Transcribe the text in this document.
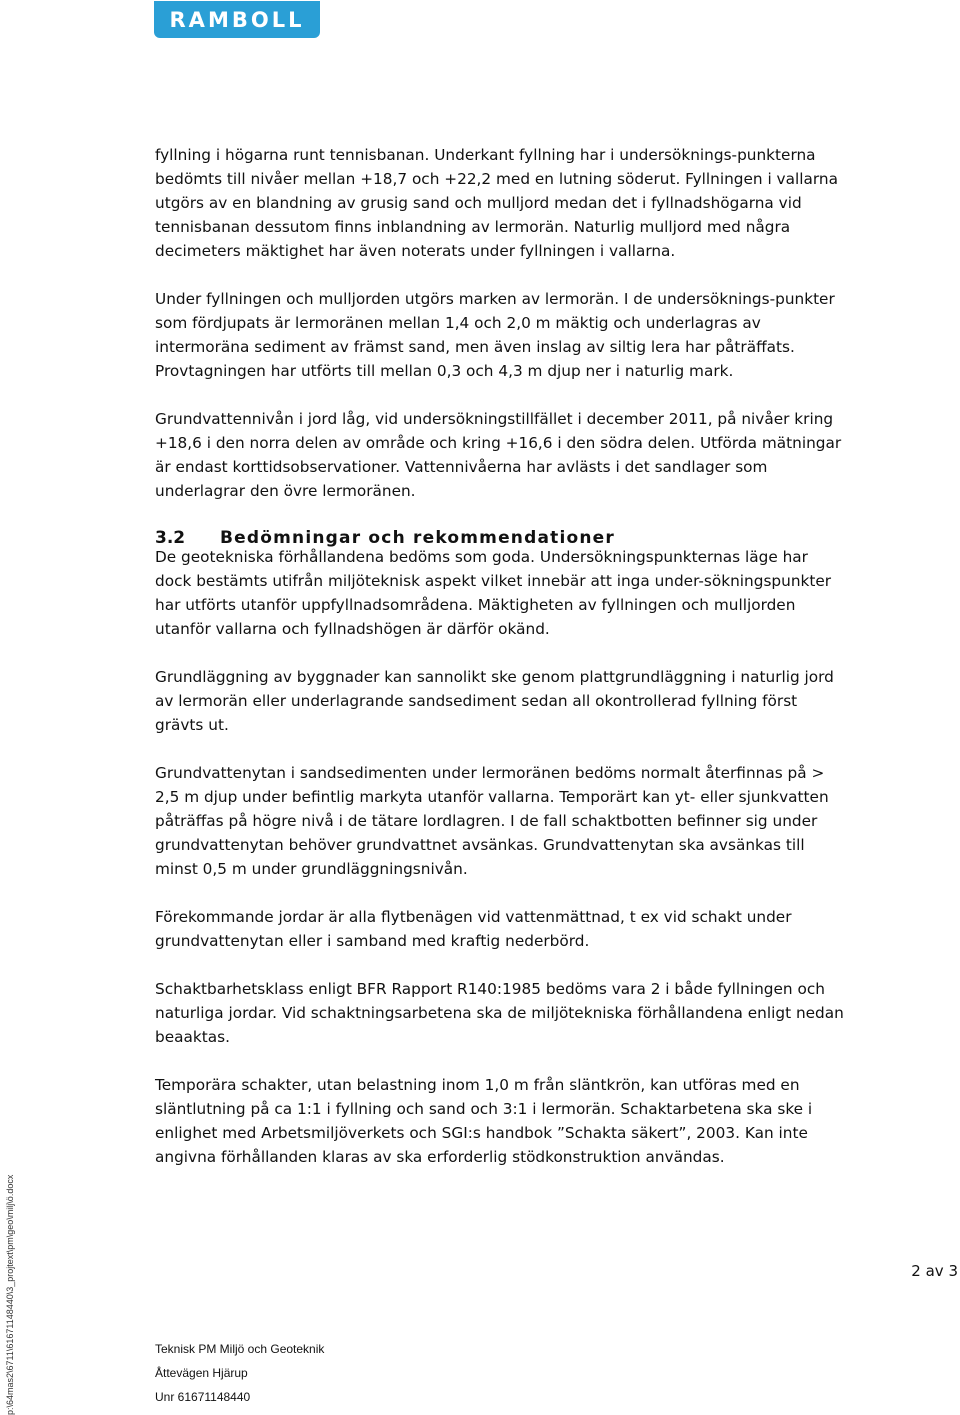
RAMBOLL

fyllning i högarna runt tennisbanan. Underkant fyllning har i undersöknings-punkterna bedömts till nivåer mellan +18,7 och +22,2 med en lutning söderut. Fyllningen i vallarna utgörs av en blandning av grusig sand och mulljord medan det i fyllnadshögarna vid tennisbanan dessutom finns inblandning av lermorän. Naturlig mulljord med några decimeters mäktighet har även noterats under fyllningen i vallarna.

Under fyllningen och mulljorden utgörs marken av lermorän. I de undersöknings-punkter som fördjupats är lermoränen mellan 1,4 och 2,0 m mäktig och underlagras av intermoräna sediment av främst sand, men även inslag av siltig lera har påträffats. Provtagningen har utförts till mellan 0,3 och 4,3 m djup ner i naturlig mark.

Grundvattennivån i jord låg, vid undersökningstillfället i december 2011, på nivåer kring +18,6 i den norra delen av område och kring +16,6 i den södra delen. Utförda mätningar är endast korttidsobservationer. Vattennivåerna har avlästs i det sandlager som underlagrar den övre lermoränen.

3.2 Bedömningar och rekommendationer

De geotekniska förhållandena bedöms som goda. Undersökningspunkternas läge har dock bestämts utifrån miljöteknisk aspekt vilket innebär att inga under-sökningspunkter har utförts utanför uppfyllnadsområdena. Mäktigheten av fyllningen och mulljorden utanför vallarna och fyllnadshögen är därför okänd.

Grundläggning av byggnader kan sannolikt ske genom plattgrundläggning i naturlig jord av lermorän eller underlagrande sandsediment sedan all okontrollerad fyllning först grävts ut.

Grundvattenytan i sandsedimenten under lermoränen bedöms normalt återfinnas på > 2,5 m djup under befintlig markyta utanför vallarna. Temporärt kan yt- eller sjunkvatten påträffas på högre nivå i de tätare lordlagren. I de fall schaktbotten befinner sig under grundvattenytan behöver grundvattnet avsänkas. Grundvattenytan ska avsänkas till minst 0,5 m under grundläggningsnivån.

Förekommande jordar är alla flytbenägen vid vattenmättnad, t ex vid schakt under grundvattenytan eller i samband med kraftig nederbörd.

Schaktbarhetsklass enligt BFR Rapport R140:1985 bedöms vara 2 i både fyllningen och naturliga jordar. Vid schaktningsarbetena ska de miljötekniska förhållandena enligt nedan beaaktas.

Temporära schakter, utan belastning inom 1,0 m från släntkrön, kan utföras med en släntlutning på ca 1:1 i fyllning och sand och 3:1 i lermorän. Schaktarbetena ska ske i enlighet med Arbetsmiljöverkets och SGI:s handbok ”Schakta säkert”, 2003. Kan inte angivna förhållanden klaras av ska erforderlig stödkonstruktion användas.

2 av 3
Teknisk PM Miljö och Geoteknik
Åttevägen Hjärup
Unr 61671148440
p:\64mas2\6711\61671148440\3_projtext\pm\geo\milj\ö.docx
